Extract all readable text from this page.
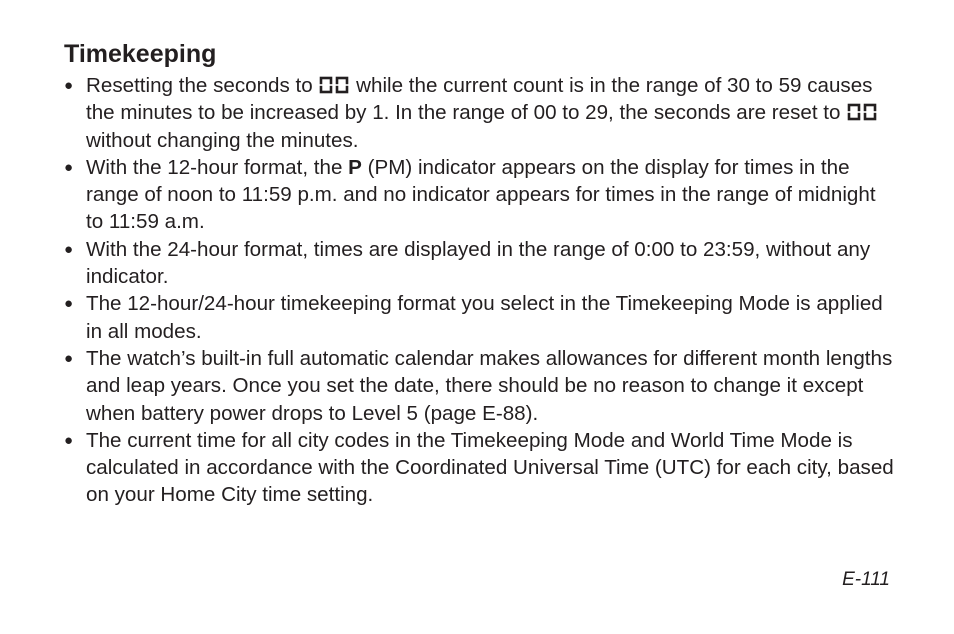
Timekeeping
● Resetting the seconds to while the current count is in the range of 30 to 59 causes the minutes to be increased by 1. In the range of 00 to 29, the seconds are reset to  without changing the minutes.
● With the 12-hour format, the P (PM) indicator appears on the display for times in the range of noon to 11:59 p.m. and no indicator appears for times in the range of midnight to 11:59 a.m.
● With the 24-hour format, times are displayed in the range of 0:00 to 23:59, without any indicator.
● The 12-hour/24-hour timekeeping format you select in the Timekeeping Mode is applied in all modes.
● The watch’s built-in full automatic calendar makes allowances for different month lengths and leap years. Once you set the date, there should be no reason to change it except when battery power drops to Level 5 (page E-88).
● The current time for all city codes in the Timekeeping Mode and World Time Mode is calculated in accordance with the Coordinated Universal Time (UTC) for each city, based on your Home City time setting.
E-111
